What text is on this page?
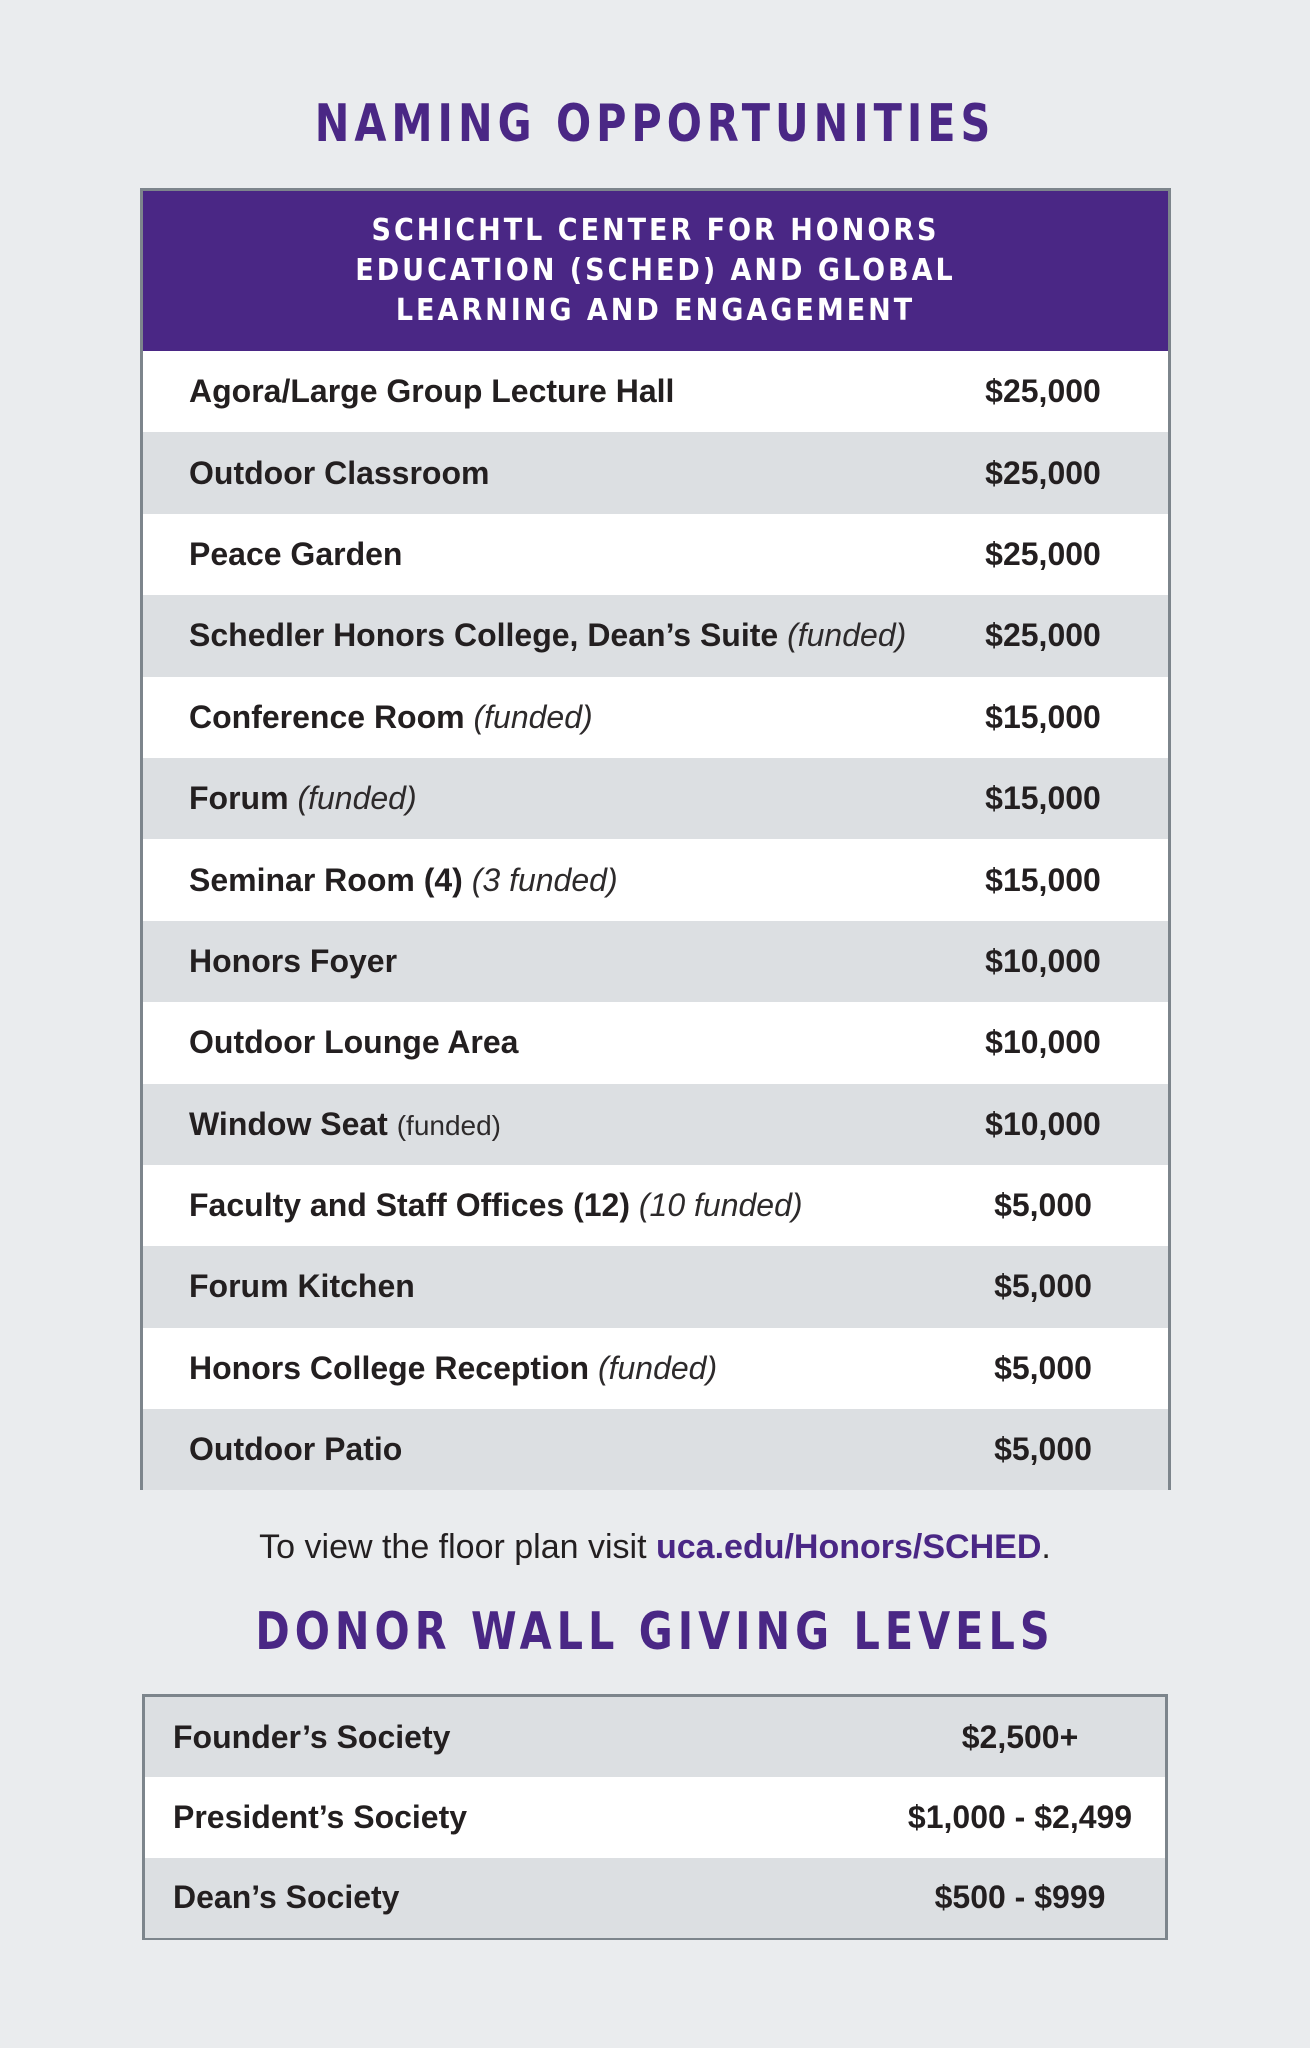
NAMING OPPORTUNITIES
SCHICHTL CENTER FOR HONORS EDUCATION (SCHED) AND GLOBAL LEARNING AND ENGAGEMENT
Agora/Large Group Lecture Hall	$25,000
Outdoor Classroom	$25,000
Peace Garden	$25,000
Schedler Honors College, Dean’s Suite (funded)	$25,000
Conference Room (funded)	$15,000
Forum (funded)	$15,000
Seminar Room (4) (3 funded)	$15,000
Honors Foyer	$10,000
Outdoor Lounge Area	$10,000
Window Seat (funded)	$10,000
Faculty and Staff Offices (12) (10 funded)	$5,000
Forum Kitchen	$5,000
Honors College Reception (funded)	$5,000
Outdoor Patio	$5,000
To view the floor plan visit uca.edu/Honors/SCHED.
DONOR WALL GIVING LEVELS
Founder’s Society	$2,500+
President’s Society	$1,000 - $2,499
Dean’s Society	$500 - $999
